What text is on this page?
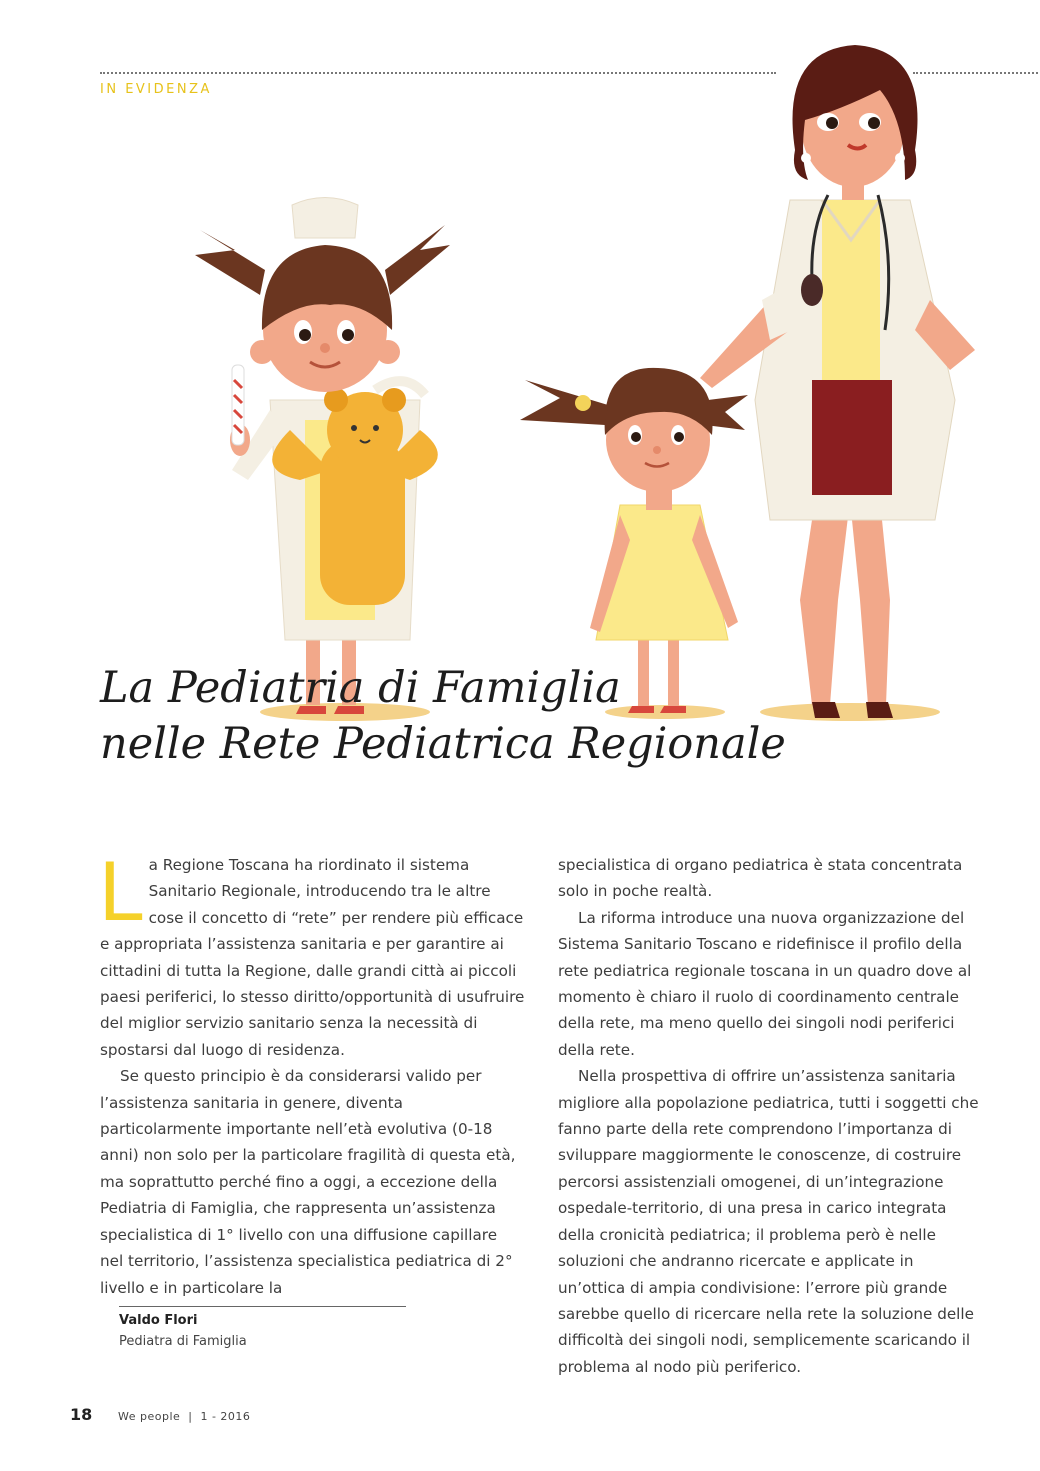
IN EVIDENZA
La Pediatria di Famiglia
nelle Rete Pediatrica Regionale

La Regione Toscana ha riordinato il sistema Sanitario Regionale, introducendo tra le altre cose il concetto di “rete” per rendere più efficace e appropriata l’assistenza sanitaria e per garantire ai cittadini di tutta la Regione, dalle grandi città ai piccoli paesi periferici, lo stesso diritto/opportunità di usufruire del miglior servizio sanitario senza la necessità di spostarsi dal luogo di residenza.

Se questo principio è da considerarsi valido per l’assistenza sanitaria in genere, diventa particolarmente importante nell’età evolutiva (0-18 anni) non solo per la particolare fragilità di questa età, ma soprattutto perché fino a oggi, a eccezione della Pediatria di Famiglia, che rappresenta un’assistenza specialistica di 1° livello con una diffusione capillare nel territorio, l’assistenza specialistica pediatrica di 2° livello e in particolare la

specialistica di organo pediatrica è stata concentrata solo in poche realtà.

La riforma introduce una nuova organizzazione del Sistema Sanitario Toscano e ridefinisce il profilo della rete pediatrica regionale toscana in un quadro dove al momento è chiaro il ruolo di coordinamento centrale della rete, ma meno quello dei singoli nodi periferici della rete.

Nella prospettiva di offrire un’assistenza sanitaria migliore alla popolazione pediatrica, tutti i soggetti che fanno parte della rete comprendono l’importanza di sviluppare maggiormente le conoscenze, di costruire percorsi assistenziali omogenei, di un’integrazione ospedale-territorio, di una presa in carico integrata della cronicità pediatrica; il problema però è nelle soluzioni che andranno ricercate e applicate in un’ottica di ampia condivisione: l’errore più grande sarebbe quello di ricercare nella rete la soluzione delle difficoltà dei singoli nodi, semplicemente scaricando il problema al nodo più periferico.

Valdo Flori
Pediatra di Famiglia
18 We people  |  1 - 2016
